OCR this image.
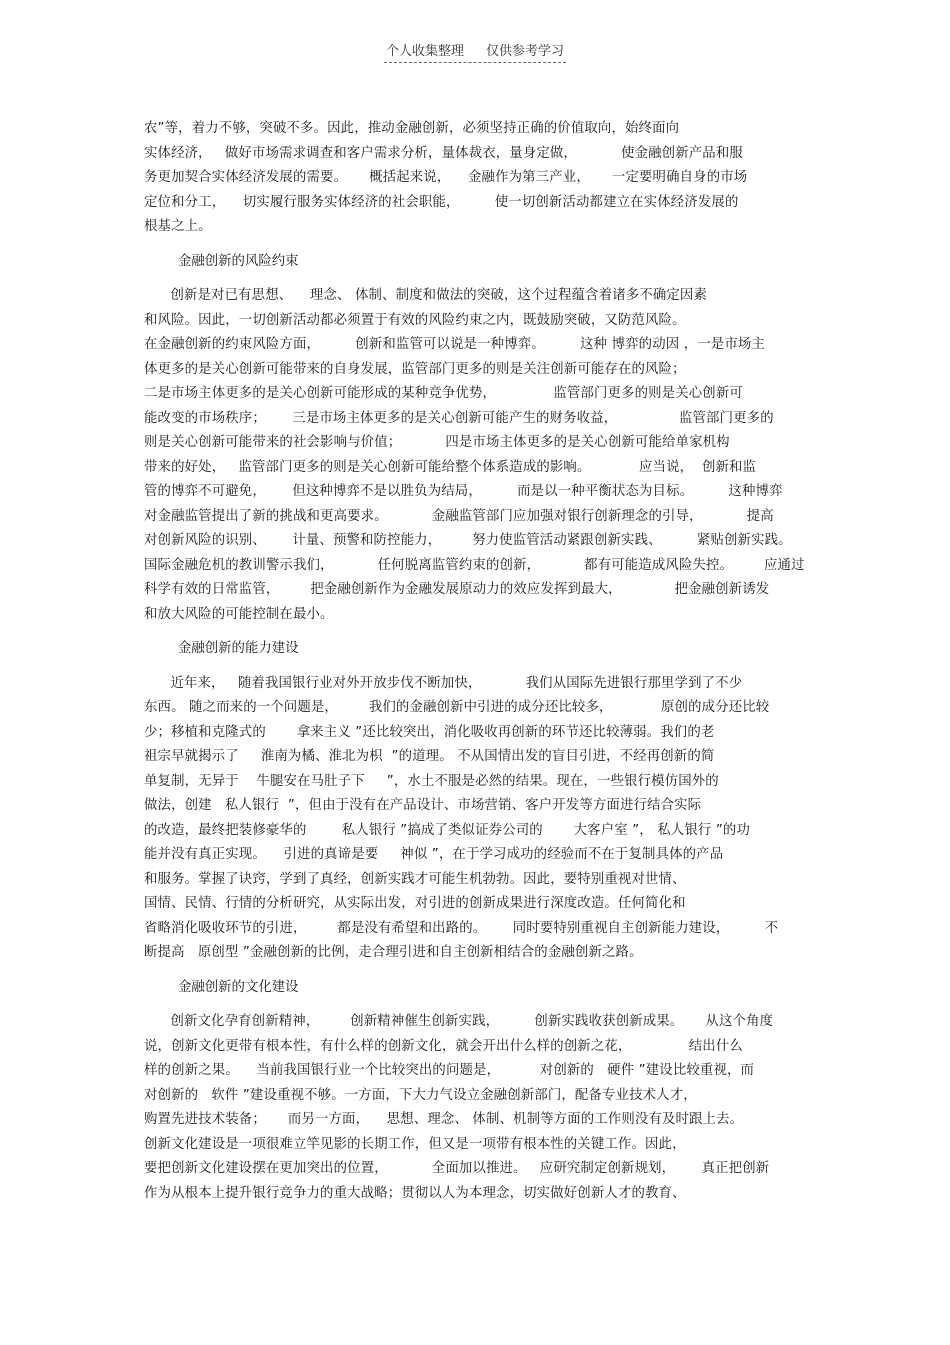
个人收集整理 仅供参考学习
农”等，着力不够，突破不多。因此，推动金融创新，必须坚持正确的价值取向，始终面向
实体经济，   做好市场需求调查和客户需求分析，量体裁衣，量身定做，          使金融创新产品和服
务更加契合实体经济发展的需要。     概括起来说，    金融作为第三产业，     一定要明确自身的市场
定位和分工，    切实履行服务实体经济的社会职能，        使一切创新活动都建立在实体经济发展的
根基之上。
金融创新的风险约束
创新是对已有思想、    理念、 体制、制度和做法的突破，这个过程蕴含着诸多不确定因素
和风险。因此，一切创新活动都必须置于有效的风险约束之内，既鼓励突破，又防范风险。
在金融创新的约束风险方面，        创新和监管可以说是一种博弈。        这种 博弈的动因 ，一是市场主
体更多的是关心创新可能带来的自身发展，监管部门更多的则是关注创新可能存在的风险；
二是市场主体更多的是关心创新可能形成的某种竞争优势，             监管部门更多的则是关心创新可
能改变的市场秩序；      三是市场主体更多的是关心创新可能产生的财务收益，              监管部门更多的
则是关心创新可能带来的社会影响与价值；          四是市场主体更多的是关心创新可能给单家机构
带来的好处，   监管部门更多的则是关心创新可能给整个体系造成的影响。           应当说，  创新和监
管的博弈不可避免，      但这种博弈不是以胜负为结局，        而是以一种平衡状态为目标。        这种博弈
对金融监管提出了新的挑战和更高要求。          金融监管部门应加强对银行创新理念的引导，          提高
对创新风险的识别、      计量、预警和防控能力，       努力使监管活动紧跟创新实践、        紧贴创新实践。
国际金融危机的教训警示我们，          任何脱离监管约束的创新，          都有可能造成风险失控。       应通过
科学有效的日常监管，       把金融创新作为金融发展原动力的效应发挥到最大，            把金融创新诱发
和放大风险的可能控制在最小。
金融创新的能力建设
近年来，   随着我国银行业对外开放步伐不断加快，          我们从国际先进银行那里学到了不少
东西。 随之而来的一个问题是，       我们的金融创新中引进的成分还比较多，           原创的成分还比较
少；移植和克隆式的       拿来主义 ”还比较突出，消化吸收再创新的环节还比较薄弱。我们的老
祖宗早就揭示了     淮南为橘、淮北为枳  ”的道理。 不从国情出发的盲目引进，不经再创新的简
单复制，无异于    牛腿安在马肚子下     ”，水土不服是必然的结果。现在，一些银行模仿国外的
做法，创建   私人银行  ”，但由于没有在产品设计、市场营销、客户开发等方面进行结合实际
的改造，最终把装修豪华的        私人银行 ”搞成了类似证券公司的       大客户室 ”， 私人银行 ”的功
能并没有真正实现。    引进的真谛是要     神似 ”，在于学习成功的经验而不在于复制具体的产品
和服务。掌握了诀窍，学到了真经，创新实践才可能生机勃勃。因此，要特别重视对世情、
国情、民情、行情的分析研究，从实际出发，对引进的创新成果进行深度改造。任何简化和
省略消化吸收环节的引进，       都是没有希望和出路的。      同时要特别重视自主创新能力建设，        不
断提高   原创型 ”金融创新的比例，走合理引进和自主创新相结合的金融创新之路。
金融创新的文化建设
创新文化孕育创新精神，       创新精神催生创新实践，        创新实践收获创新成果。     从这个角度
说，创新文化更带有根本性，有什么样的创新文化，就会开出什么样的创新之花，             结出什么
样的创新之果。    当前我国银行业一个比较突出的问题是，         对创新的   硬件 ”建设比较重视，而
对创新的   软件 ”建设重视不够。一方面，下大力气设立金融创新部门，配备专业技术人才，
购置先进技术装备；     而另一方面，    思想、理念、 体制、机制等方面的工作则没有及时跟上去。
创新文化建设是一项很难立竿见影的长期工作，但又是一项带有根本性的关键工作。因此，
要把创新文化建设摆在更加突出的位置，          全面加以推进。   应研究制定创新规划，      真正把创新
作为从根本上提升银行竞争力的重大战略；贯彻以人为本理念，切实做好创新人才的教育、
